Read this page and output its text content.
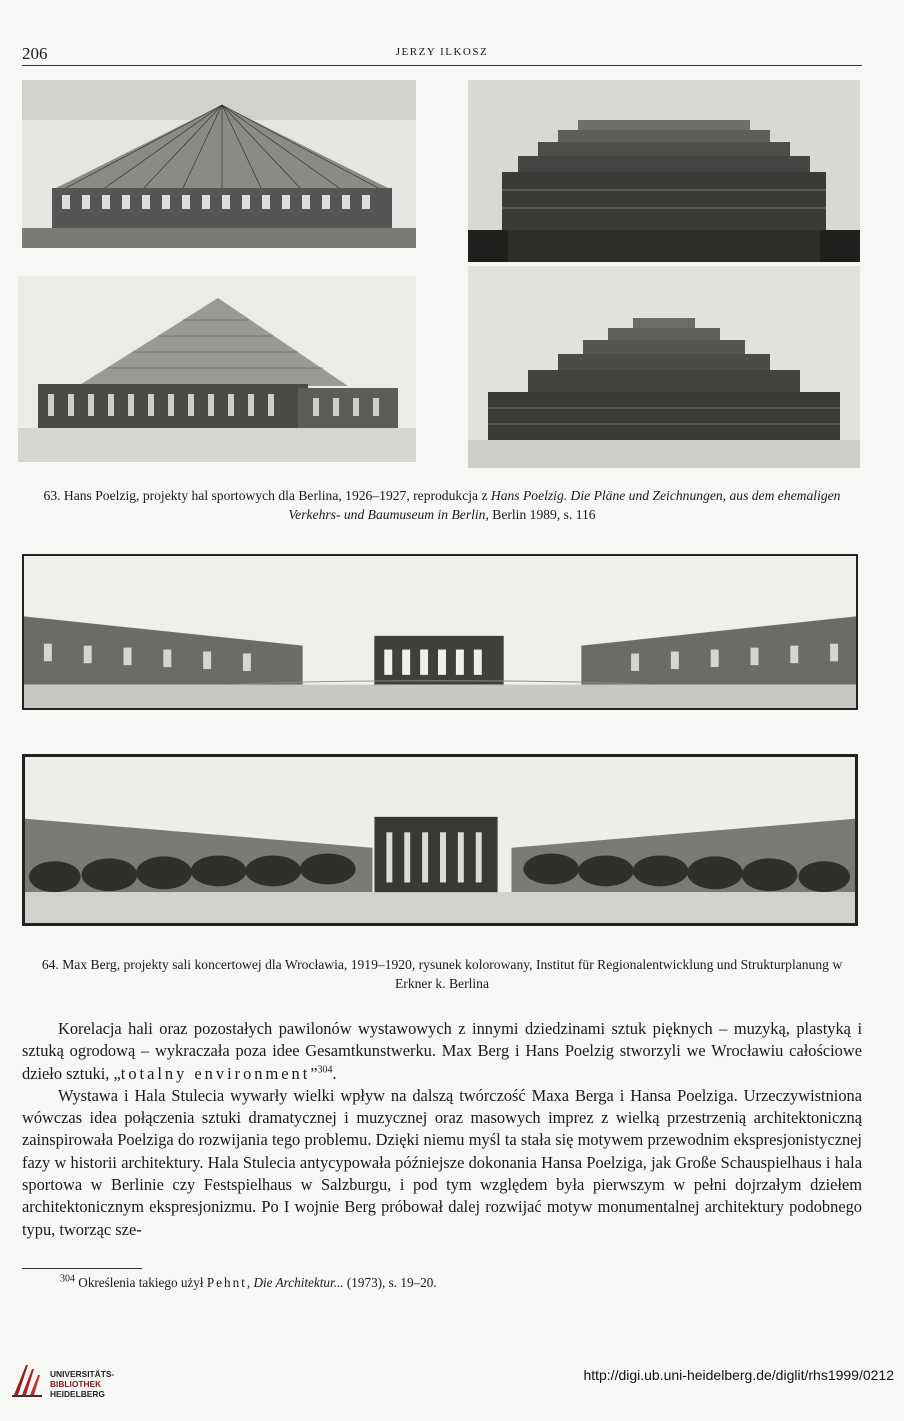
206	JERZY ILKOSZ
63. Hans Poelzig, projekty hal sportowych dla Berlina, 1926–1927, reprodukcja z Hans Poelzig. Die Pläne und Zeichnungen, aus dem ehemaligen Verkehrs- und Baumuseum in Berlin, Berlin 1989, s. 116
64. Max Berg, projekty sali koncertowej dla Wrocławia, 1919–1920, rysunek kolorowany, Institut für Regionalentwicklung und Strukturplanung w Erkner k. Berlina

Korelacja hali oraz pozostałych pawilonów wystawowych z innymi dziedzinami sztuk pięknych – muzyką, plastyką i sztuką ogrodową – wykraczała poza idee Gesamtkunstwerku. Max Berg i Hans Poelzig stworzyli we Wrocławiu całościowe dzieło sztuki, „totalny environment”$^{304}$.

Wystawa i Hala Stulecia wywarły wielki wpływ na dalszą twórczość Maxa Berga i Hansa Poelziga. Urzeczywistniona wówczas idea połączenia sztuki dramatycznej i muzycznej oraz masowych imprez z wielką przestrzenią architektoniczną zainspirowała Poelziga do rozwijania tego problemu. Dzięki niemu myśl ta stała się motywem przewodnim ekspresjonistycznej fazy w historii architektury. Hala Stulecia antycypowała późniejsze dokonania Hansa Poelziga, jak Große Schauspielhaus i hala sportowa w Berlinie czy Festspielhaus w Salzburgu, i pod tym względem była pierwszym w pełni dojrzałym dziełem architektonicznym ekspresjonizmu. Po I wojnie Berg próbował dalej rozwijać motyw monumentalnej architektury podobnego typu, tworząc sze-

$^{304}$ Określenia takiego użył Pehnt, Die Architektur... (1973), s. 19–20.
UNIVERSITÄTS-
BIBLIOTHEK
HEIDELBERG
http://digi.ub.uni-heidelberg.de/diglit/rhs1999/0212
